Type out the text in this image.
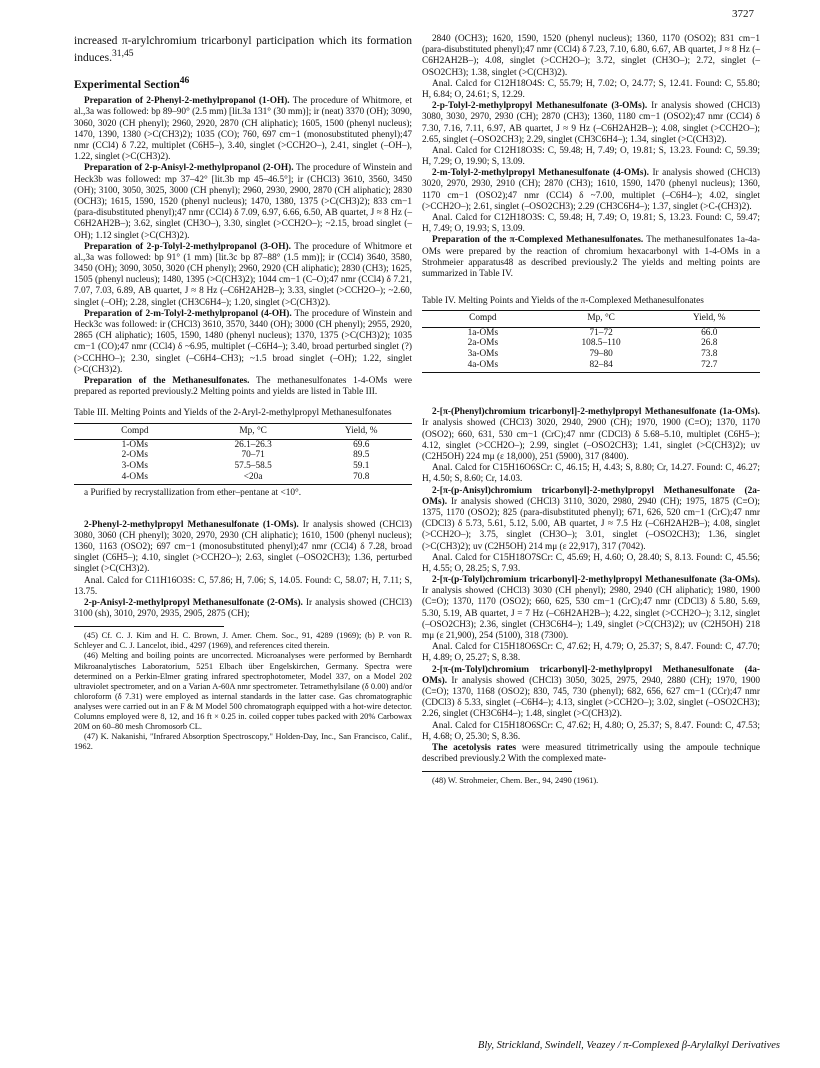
3727

increased π-arylchromium tricarbonyl participation which its formation induces.$^{31,45}$

Experimental Section$^{46}$

Preparation of 2-Phenyl-2-methylpropanol (1-OH). The procedure of Whitmore, et al.,3a was followed: bp 89–90° (2.5 mm) [lit.3a 131° (30 mm)]; ir (neat) 3370 (OH); 3090, 3060, 3020 (CH phenyl); 2960, 2920, 2870 (CH aliphatic); 1605, 1500 (phenyl nucleus); 1470, 1390, 1380 (>C(CH3)2); 1035 (CO); 760, 697 cm−1 (monosubstituted phenyl);47 nmr (CCl4) δ 7.22, multiplet (C6H5–), 3.40, singlet (>CCH2O–), 2.41, singlet (–OH–), 1.22, singlet (>C(CH3)2).

Preparation of 2-p-Anisyl-2-methylpropanol (2-OH). The procedure of Winstein and Heck3b was followed: mp 37–42° [lit.3b mp 45–46.5°]; ir (CHCl3) 3610, 3560, 3450 (OH); 3100, 3050, 3025, 3000 (CH phenyl); 2960, 2930, 2900, 2870 (CH aliphatic); 2830 (OCH3); 1615, 1590, 1520 (phenyl nucleus); 1470, 1380, 1375 (>C(CH3)2); 833 cm−1 (para-disubstituted phenyl);47 nmr (CCl4) δ 7.09, 6.97, 6.66, 6.50, AB quartet, J ≈ 8 Hz (–C6H2AH2B–); 3.62, singlet (CH3O–), 3.30, singlet (>CCH2O–); ~2.15, broad singlet (–OH); 1.12 singlet (>C(CH3)2).

Preparation of 2-p-Tolyl-2-methylpropanol (3-OH). The procedure of Whitmore et al.,3a was followed: bp 91° (1 mm) [lit.3c bp 87–88° (1.5 mm)]; ir (CCl4) 3640, 3580, 3450 (OH); 3090, 3050, 3020 (CH phenyl); 2960, 2920 (CH aliphatic); 2830 (CH3); 1625, 1505 (phenyl nucleus); 1480, 1395 (>C(CH3)2); 1044 cm−1 (C–O);47 nmr (CCl4) δ 7.21, 7.07, 7.03, 6.89, AB quartet, J ≈ 8 Hz (–C6H2AH2B–); 3.33, singlet (>CCH2O–); ~2.60, singlet (–OH); 2.28, singlet (CH3C6H4–); 1.20, singlet (>C(CH3)2).

Preparation of 2-m-Tolyl-2-methylpropanol (4-OH). The procedure of Winstein and Heck3c was followed: ir (CHCl3) 3610, 3570, 3440 (OH); 3000 (CH phenyl); 2955, 2920, 2865 (CH aliphatic); 1605, 1590, 1480 (phenyl nucleus); 1370, 1375 (>C(CH3)2); 1035 cm−1 (CO);47 nmr (CCl4) δ ~6.95, multiplet (–C6H4–); 3.40, broad perturbed singlet (?) (>CCHHO–); 2.30, singlet (–C6H4–CH3); ~1.5 broad singlet (–OH); 1.22, singlet (>C(CH3)2).

Preparation of the Methanesulfonates. The methanesulfonates 1-4-OMs were prepared as reported previously.2 Melting points and yields are listed in Table III.

Table III. Melting Points and Yields of the 2-Aryl-2-methylpropyl Methanesulfonates

Compd	Mp, °C	Yield, %
1-OMs	26.1–26.3	69.6
2-OMs	70–71	89.5
3-OMs	57.5–58.5	59.1
4-OMs	<20a	70.8

a Purified by recrystallization from ether–pentane at <10°.

2-Phenyl-2-methylpropyl Methanesulfonate (1-OMs). Ir analysis showed (CHCl3) 3080, 3060 (CH phenyl); 3020, 2970, 2930 (CH aliphatic); 1610, 1500 (phenyl nucleus); 1360, 1163 (OSO2); 697 cm−1 (monosubstituted phenyl);47 nmr (CCl4) δ 7.28, broad singlet (C6H5–); 4.10, singlet (>CCH2O–); 2.63, singlet (–OSO2CH3); 1.36, perturbed singlet (>C(CH3)2).

Anal. Calcd for C11H16O3S: C, 57.86; H, 7.06; S, 14.05. Found: C, 58.07; H, 7.11; S, 13.75.

2-p-Anisyl-2-methylpropyl Methanesulfonate (2-OMs). Ir analysis showed (CHCl3) 3100 (sh), 3010, 2970, 2935, 2905, 2875 (CH);

(45) Cf. C. J. Kim and H. C. Brown, J. Amer. Chem. Soc., 91, 4289 (1969); (b) P. von R. Schleyer and C. J. Lancelot, ibid., 4297 (1969), and references cited therein.

(46) Melting and boiling points are uncorrected. Microanalyses were performed by Bernhardt Mikroanalytisches Laboratorium, 5251 Elbach über Engelskirchen, Germany. Spectra were determined on a Perkin-Elmer grating infrared spectrophotometer, Model 337, on a Model 202 ultraviolet spectrometer, and on a Varian A-60A nmr spectrometer. Tetramethylsilane (δ 0.00) and/or chloroform (δ 7.31) were employed as internal standards in the latter case. Gas chromatographic analyses were carried out in an F & M Model 500 chromatograph equipped with a hot-wire detector. Columns employed were 8, 12, and 16 ft × 0.25 in. coiled copper tubes packed with 20% Carbowax 20M on 60–80 mesh Chromosorb CL.

(47) K. Nakanishi, "Infrared Absorption Spectroscopy," Holden-Day, Inc., San Francisco, Calif., 1962.

2840 (OCH3); 1620, 1590, 1520 (phenyl nucleus); 1360, 1170 (OSO2); 831 cm−1 (para-disubstituted phenyl);47 nmr (CCl4) δ 7.23, 7.10, 6.80, 6.67, AB quartet, J ≈ 8 Hz (–C6H2AH2B–); 4.08, singlet (>CCH2O–); 3.72, singlet (CH3O–); 2.72, singlet (–OSO2CH3); 1.38, singlet (>C(CH3)2).

Anal. Calcd for C12H18O4S: C, 55.79; H, 7.02; O, 24.77; S, 12.41. Found: C, 55.80; H, 6.84; O, 24.61; S, 12.29.

2-p-Tolyl-2-methylpropyl Methanesulfonate (3-OMs). Ir analysis showed (CHCl3) 3080, 3030, 2970, 2930 (CH); 2870 (CH3); 1360, 1180 cm−1 (OSO2);47 nmr (CCl4) δ 7.30, 7.16, 7.11, 6.97, AB quartet, J ≈ 9 Hz (–C6H2AH2B–); 4.08, singlet (>CCH2O–); 2.65, singlet (–OSO2CH3); 2.29, singlet (CH3C6H4–); 1.34, singlet (>C(CH3)2).

Anal. Calcd for C12H18O3S: C, 59.48; H, 7.49; O, 19.81; S, 13.23. Found: C, 59.39; H, 7.29; O, 19.90; S, 13.09.

2-m-Tolyl-2-methylpropyl Methanesulfonate (4-OMs). Ir analysis showed (CHCl3) 3020, 2970, 2930, 2910 (CH); 2870 (CH3); 1610, 1590, 1470 (phenyl nucleus); 1360, 1170 cm−1 (OSO2);47 nmr (CCl4) δ ~7.00, multiplet (–C6H4–); 4.02, singlet (>CCH2O–); 2.61, singlet (–OSO2CH3); 2.29 (CH3C6H4–); 1.37, singlet (>C-(CH3)2).

Anal. Calcd for C12H18O3S: C, 59.48; H, 7.49; O, 19.81; S, 13.23. Found: C, 59.47; H, 7.49; O, 19.93; S, 13.09.

Preparation of the π-Complexed Methanesulfonates. The methanesulfonates 1a-4a-OMs were prepared by the reaction of chromium hexacarbonyl with 1-4-OMs in a Strohmeier apparatus48 as described previously.2 The yields and melting points are summarized in Table IV.

Table IV. Melting Points and Yields of the π-Complexed Methanesulfonates

Compd	Mp, °C	Yield, %
1a-OMs	71–72	66.0
2a-OMs	108.5–110	26.8
3a-OMs	79–80	73.8
4a-OMs	82–84	72.7

2-[π-(Phenyl)chromium tricarbonyl]-2-methylpropyl Methanesulfonate (1a-OMs). Ir analysis showed (CHCl3) 3020, 2940, 2900 (CH); 1970, 1900 (C≡O); 1370, 1170 (OSO2); 660, 631, 530 cm−1 (CrC);47 nmr (CDCl3) δ 5.68–5.10, multiplet (C6H5–); 4.12, singlet (>CCH2O–); 2.99, singlet (–OSO2CH3); 1.41, singlet (>C(CH3)2); uv (C2H5OH) 224 mμ (ε 18,000), 251 (5900), 317 (8400).

Anal. Calcd for C15H16O6SCr: C, 46.15; H, 4.43; S, 8.80; Cr, 14.27. Found: C, 46.27; H, 4.50; S, 8.60; Cr, 14.03.

2-[π-(p-Anisyl)chromium tricarbonyl]-2-methylpropyl Methanesulfonate (2a-OMs). Ir analysis showed (CHCl3) 3110, 3020, 2980, 2940 (CH); 1975, 1875 (C≡O); 1375, 1170 (OSO2); 825 (para-disubstituted phenyl); 671, 626, 520 cm−1 (CrC);47 nmr (CDCl3) δ 5.73, 5.61, 5.12, 5.00, AB quartet, J ≈ 7.5 Hz (–C6H2AH2B–); 4.08, singlet (>CCH2O–); 3.75, singlet (CH3O–); 3.01, singlet (–OSO2CH3); 1.36, singlet (>C(CH3)2); uv (C2H5OH) 214 mμ (ε 22,917), 317 (7042).

Anal. Calcd for C15H18O7SCr: C, 45.69; H, 4.60; O, 28.40; S, 8.13. Found: C, 45.56; H, 4.55; O, 28.25; S, 7.93.

2-[π-(p-Tolyl)chromium tricarbonyl]-2-methylpropyl Methanesulfonate (3a-OMs). Ir analysis showed (CHCl3) 3030 (CH phenyl); 2980, 2940 (CH aliphatic); 1980, 1900 (C≡O); 1370, 1170 (OSO2); 660, 625, 530 cm−1 (CrC);47 nmr (CDCl3) δ 5.80, 5.69, 5.30, 5.19, AB quartet, J = 7 Hz (–C6H2AH2B–); 4.22, singlet (>CCH2O–); 3.12, singlet (–OSO2CH3); 2.36, singlet (CH3C6H4–); 1.49, singlet (>C(CH3)2); uv (C2H5OH) 218 mμ (ε 21,900), 254 (5100), 318 (7300).

Anal. Calcd for C15H18O6SCr: C, 47.62; H, 4.79; O, 25.37; S, 8.47. Found: C, 47.70; H, 4.89; O, 25.27; S, 8.38.

2-[π-(m-Tolyl)chromium tricarbonyl]-2-methylpropyl Methanesulfonate (4a-OMs). Ir analysis showed (CHCl3) 3050, 3025, 2975, 2940, 2880 (CH); 1970, 1900 (C≡O); 1370, 1168 (OSO2); 830, 745, 730 (phenyl); 682, 656, 627 cm−1 (CCr);47 nmr (CDCl3) δ 5.33, singlet (–C6H4–); 4.13, singlet (>CCH2O–); 3.02, singlet (–OSO2CH3); 2.26, singlet (CH3C6H4–); 1.48, singlet (>C(CH3)2).

Anal. Calcd for C15H18O6SCr: C, 47.62; H, 4.80; O, 25.37; S, 8.47. Found: C, 47.53; H, 4.68; O, 25.30; S, 8.36.

The acetolysis rates were measured titrimetrically using the ampoule technique described previously.2 With the complexed mate-

(48) W. Strohmeier, Chem. Ber., 94, 2490 (1961).

Bly, Strickland, Swindell, Veazey / π-Complexed β-Arylalkyl Derivatives
